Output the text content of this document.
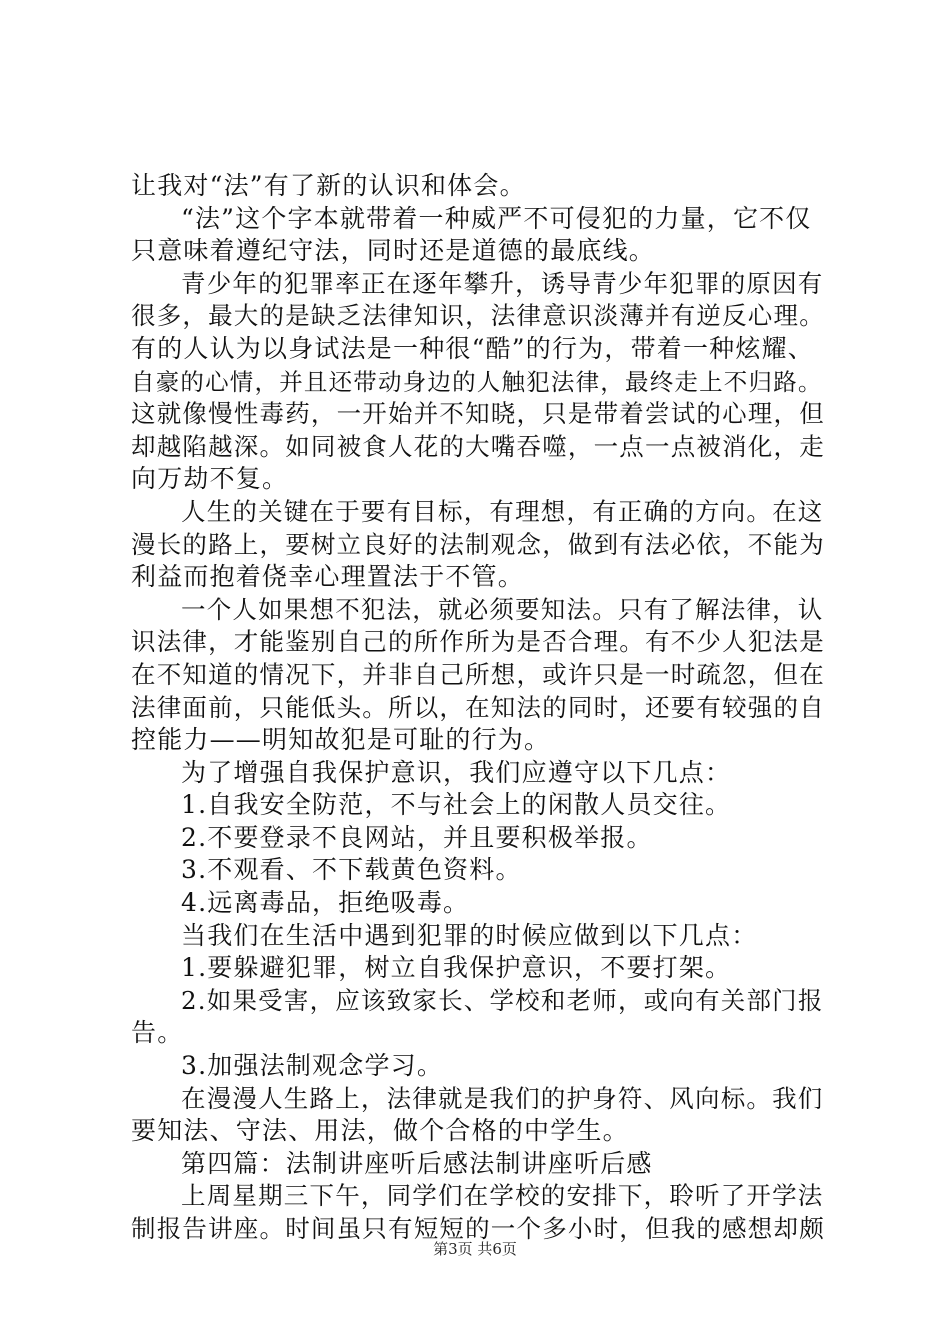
让我对“法”有了新的认识和体会。
“法”这个字本就带着一种威严不可侵犯的力量，它不仅
只意味着遵纪守法，同时还是道德的最底线。
青少年的犯罪率正在逐年攀升，诱导青少年犯罪的原因有
很多，最大的是缺乏法律知识，法律意识淡薄并有逆反心理。
有的人认为以身试法是一种很“酷”的行为，带着一种炫耀、
自豪的心情，并且还带动身边的人触犯法律，最终走上不归路。
这就像慢性毒药，一开始并不知晓，只是带着尝试的心理，但
却越陷越深。如同被食人花的大嘴吞噬，一点一点被消化，走
向万劫不复。
人生的关键在于要有目标，有理想，有正确的方向。在这
漫长的路上，要树立良好的法制观念，做到有法必依，不能为
利益而抱着侥幸心理置法于不管。
一个人如果想不犯法，就必须要知法。只有了解法律，认
识法律，才能鉴别自己的所作所为是否合理。有不少人犯法是
在不知道的情况下，并非自己所想，或许只是一时疏忽，但在
法律面前，只能低头。所以，在知法的同时，还要有较强的自
控能力——明知故犯是可耻的行为。
为了增强自我保护意识，我们应遵守以下几点：
1.自我安全防范，不与社会上的闲散人员交往。
2.不要登录不良网站，并且要积极举报。
3.不观看、不下载黄色资料。
4.远离毒品，拒绝吸毒。
当我们在生活中遇到犯罪的时候应做到以下几点：
1.要躲避犯罪，树立自我保护意识，不要打架。
2.如果受害，应该致家长、学校和老师，或向有关部门报
告。
3.加强法制观念学习。
在漫漫人生路上，法律就是我们的护身符、风向标。我们
要知法、守法、用法，做个合格的中学生。
第四篇：法制讲座听后感法制讲座听后感
上周星期三下午，同学们在学校的安排下，聆听了开学法
制报告讲座。时间虽只有短短的一个多小时，但我的感想却颇
第3页 共6页
